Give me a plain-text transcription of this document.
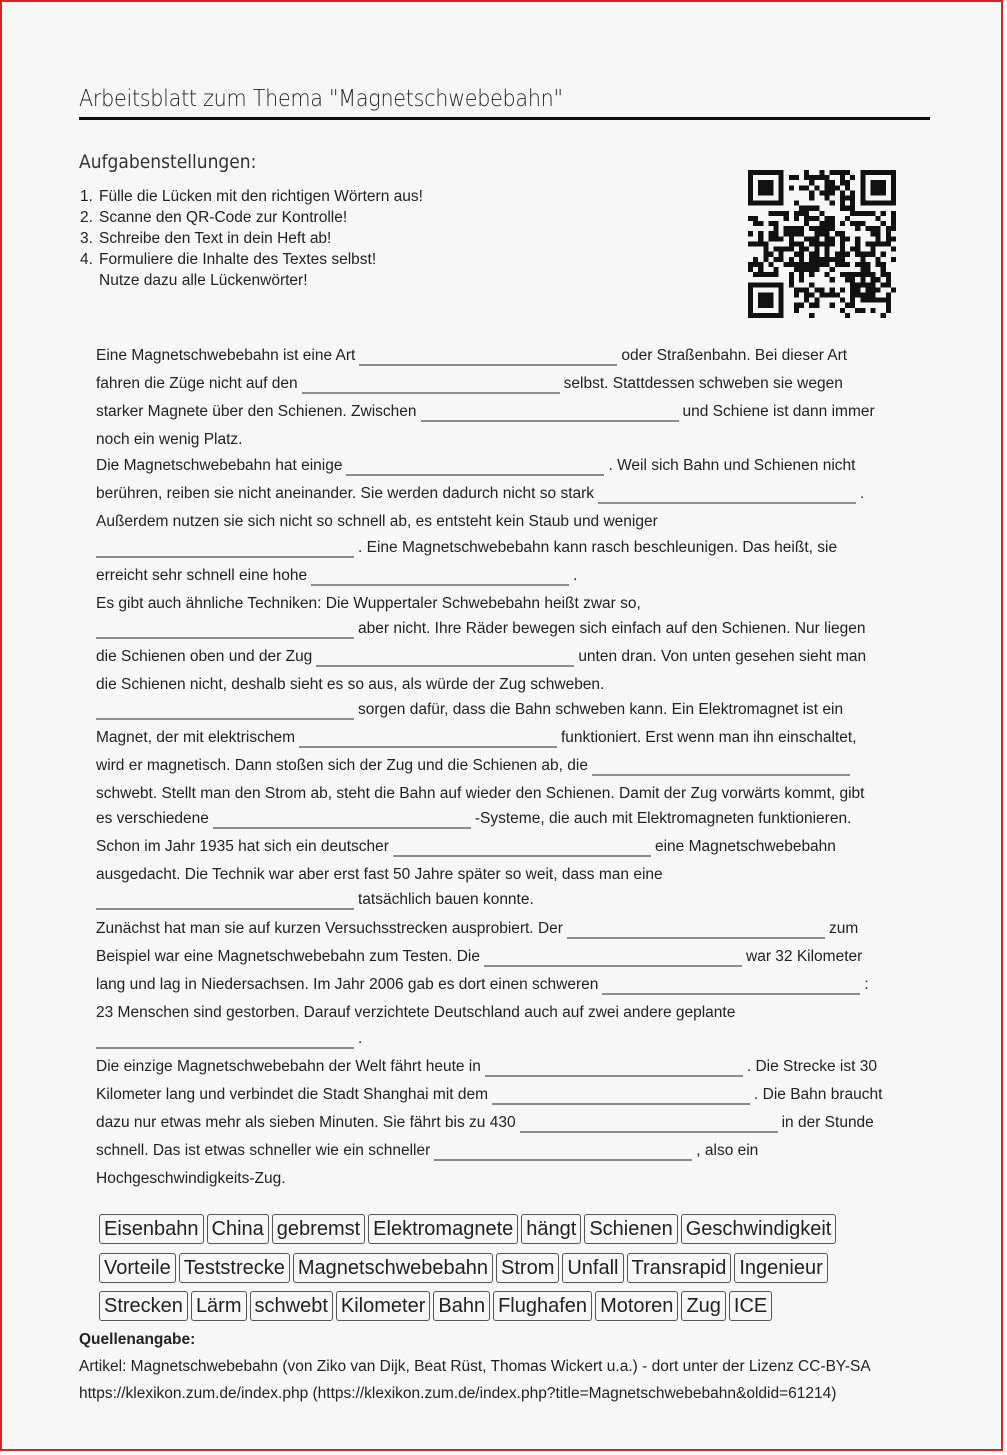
Arbeitsblatt zum Thema "Magnetschwebebahn"
Aufgabenstellungen:
1. Fülle die Lücken mit den richtigen Wörtern aus!
2. Scanne den QR-Code zur Kontrolle!
3. Schreibe den Text in dein Heft ab!
4. Formuliere die Inhalte des Textes selbst!
Nutze dazu alle Lückenwörter!
Eine Magnetschwebebahn ist eine Art	oder Straßenbahn. Bei dieser Art
fahren die Züge nicht auf den	selbst. Stattdessen schweben sie wegen
starker Magnete über den Schienen. Zwischen	und Schiene ist dann immer
noch ein wenig Platz.
Die Magnetschwebebahn hat einige	. Weil sich Bahn und Schienen nicht
berühren, reiben sie nicht aneinander. Sie werden dadurch nicht so stark	.
Außerdem nutzen sie sich nicht so schnell ab, es entsteht kein Staub und weniger
. Eine Magnetschwebebahn kann rasch beschleunigen. Das heißt, sie
erreicht sehr schnell eine hohe	.
Es gibt auch ähnliche Techniken: Die Wuppertaler Schwebebahn heißt zwar so,
aber nicht. Ihre Räder bewegen sich einfach auf den Schienen. Nur liegen
die Schienen oben und der Zug	unten dran. Von unten gesehen sieht man
die Schienen nicht, deshalb sieht es so aus, als würde der Zug schweben.
sorgen dafür, dass die Bahn schweben kann. Ein Elektromagnet ist ein
Magnet, der mit elektrischem	funktioniert. Erst wenn man ihn einschaltet,
wird er magnetisch. Dann stoßen sich der Zug und die Schienen ab, die
schwebt. Stellt man den Strom ab, steht die Bahn auf wieder den Schienen. Damit der Zug vorwärts kommt, gibt
es verschiedene	-Systeme, die auch mit Elektromagneten funktionieren.
Schon im Jahr 1935 hat sich ein deutscher	eine Magnetschwebebahn
ausgedacht. Die Technik war aber erst fast 50 Jahre später so weit, dass man eine
tatsächlich bauen konnte.
Zunächst hat man sie auf kurzen Versuchsstrecken ausprobiert. Der	zum
Beispiel war eine Magnetschwebebahn zum Testen. Die	war 32 Kilometer
lang und lag in Niedersachsen. Im Jahr 2006 gab es dort einen schweren	:
23 Menschen sind gestorben. Darauf verzichtete Deutschland auch auf zwei andere geplante
.
Die einzige Magnetschwebebahn der Welt fährt heute in	. Die Strecke ist 30
Kilometer lang und verbindet die Stadt Shanghai mit dem	. Die Bahn braucht
dazu nur etwas mehr als sieben Minuten. Sie fährt bis zu 430	in der Stunde
schnell. Das ist etwas schneller wie ein schneller	, also ein
Hochgeschwindigkeits-Zug.
Eisenbahn China gebremst Elektromagnete hängt Schienen Geschwindigkeit
Vorteile Teststrecke Magnetschwebebahn Strom Unfall Transrapid Ingenieur
Strecken Lärm schwebt Kilometer Bahn Flughafen Motoren Zug ICE
Quellenangabe:
Artikel: Magnetschwebebahn (von Ziko van Dijk, Beat Rüst, Thomas Wickert u.a.) - dort unter der Lizenz CC-BY-SA
https://klexikon.zum.de/index.php (https://klexikon.zum.de/index.php?title=Magnetschwebebahn&oldid=61214)
